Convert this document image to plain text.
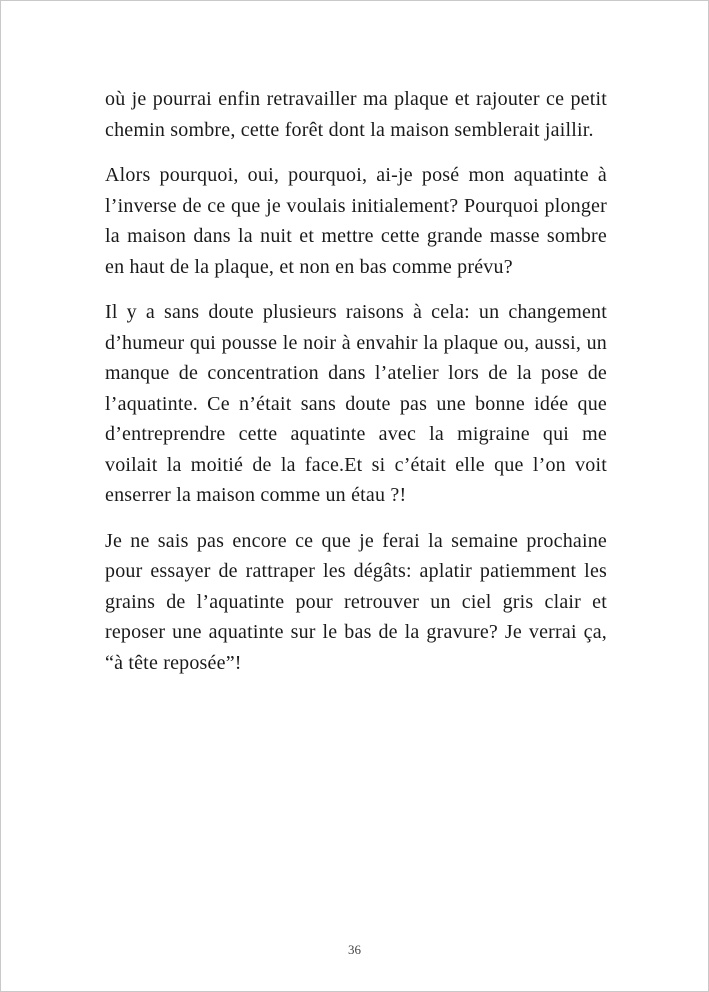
où je pourrai enfin retravailler ma plaque et rajouter ce petit chemin sombre, cette forêt dont la maison semblerait jaillir.

Alors pourquoi, oui, pourquoi, ai-je posé mon aquatinte à l’inverse de ce que je voulais initialement? Pourquoi plonger la maison dans la nuit et mettre cette grande masse sombre en haut de la plaque, et non en bas comme prévu?

Il y a sans doute plusieurs raisons à cela: un changement d’humeur qui pousse le noir à envahir la plaque ou, aussi, un manque de concentration dans l’atelier lors de la pose de l’aquatinte. Ce n’était sans doute pas une bonne idée que d’entreprendre cette aquatinte avec la migraine qui me voilait la moitié de la face.Et si c’était elle que l’on voit enserrer la maison comme un étau ?!

Je ne sais pas encore ce que je ferai la semaine prochaine pour essayer de rattraper les dégâts: aplatir patiemment les grains de l’aquatinte pour retrouver un ciel gris clair et reposer une aquatinte sur le bas de la gravure? Je verrai ça, “à tête reposée”!

36
